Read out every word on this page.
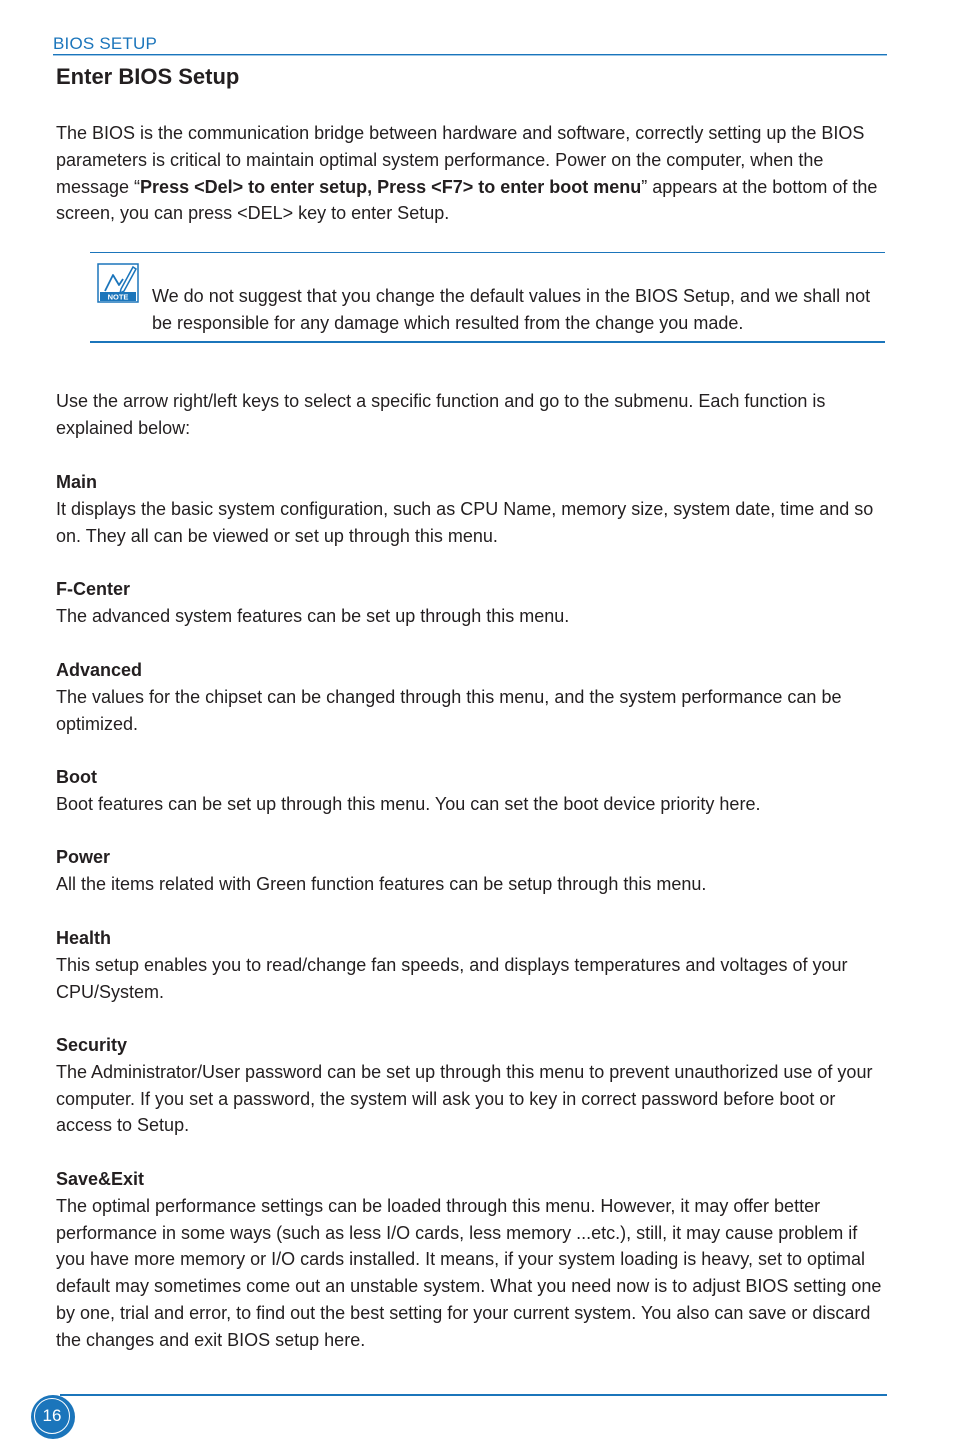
BIOS SETUP
Enter BIOS Setup

The BIOS is the communication bridge between hardware and software, correctly setting up the BIOS parameters is critical to maintain optimal system performance. Power on the computer, when the message “Press <Del> to enter setup, Press <F7> to enter boot menu” appears at the bottom of the screen, you can press <DEL> key to enter Setup.

NOTE We do not suggest that you change the default values in the BIOS Setup, and we shall not be responsible for any damage which resulted from the change you made.

Use the arrow right/left keys to select a specific function and go to the submenu. Each function is explained below:

Main

It displays the basic system configuration, such as CPU Name, memory size, system date, time and so on. They all can be viewed or set up through this menu.

F-Center

The advanced system features can be set up through this menu.

Advanced

The values for the chipset can be changed through this menu, and the system performance can be optimized.

Boot

Boot features can be set up through this menu. You can set the boot device priority here.

Power

All the items related with Green function features can be setup through this menu.

Health

This setup enables you to read/change fan speeds, and displays temperatures and voltages of your CPU/System.

Security

The Administrator/User password can be set up through this menu to prevent unauthorized use of your computer. If you set a password, the system will ask you to key in correct password before boot or access to Setup.

Save&Exit

The optimal performance settings can be loaded through this menu. However, it may offer better performance in some ways (such as less I/O cards, less memory ...etc.), still, it may cause problem if you have more memory or I/O cards installed. It means, if your system loading is heavy, set to optimal default may sometimes come out an unstable system. What you need now is to adjust BIOS setting one by one, trial and error, to find out the best setting for your current system. You also can save or discard the changes and exit BIOS setup here.

16
